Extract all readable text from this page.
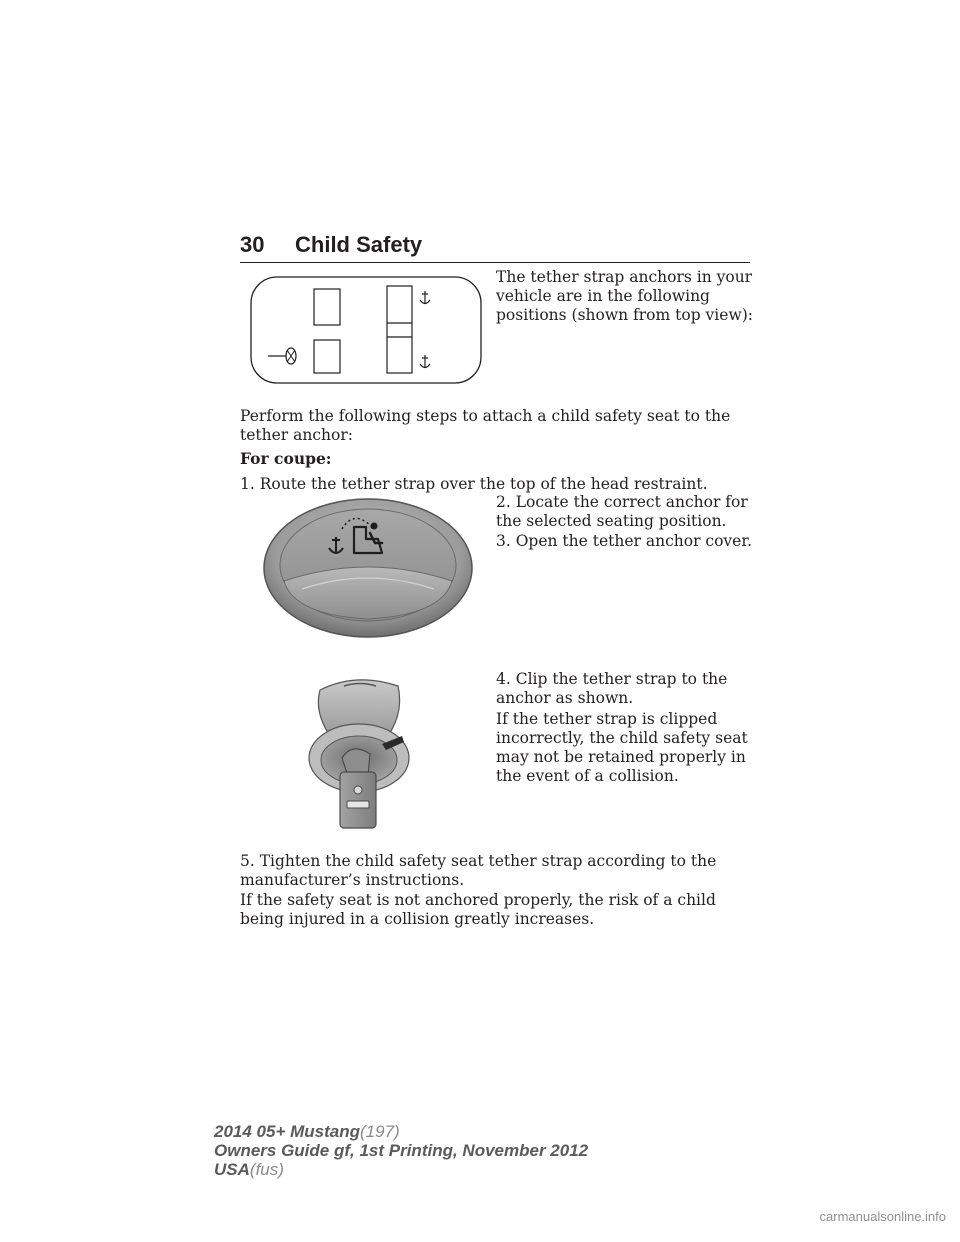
30 Child Safety

The tether strap anchors in your vehicle are in the following positions (shown from top view):

Perform the following steps to attach a child safety seat to the tether anchor:

For coupe:

1. Route the tether strap over the top of the head restraint.

2. Locate the correct anchor for the selected seating position.

3. Open the tether anchor cover.

4. Clip the tether strap to the anchor as shown.

If the tether strap is clipped incorrectly, the child safety seat may not be retained properly in the event of a collision.

5. Tighten the child safety seat tether strap according to the manufacturer’s instructions.

If the safety seat is not anchored properly, the risk of a child being injured in a collision greatly increases.

2014 05+ Mustang(197)
Owners Guide gf, 1st Printing, November 2012
USA(fus)
carmanualsonline.info
